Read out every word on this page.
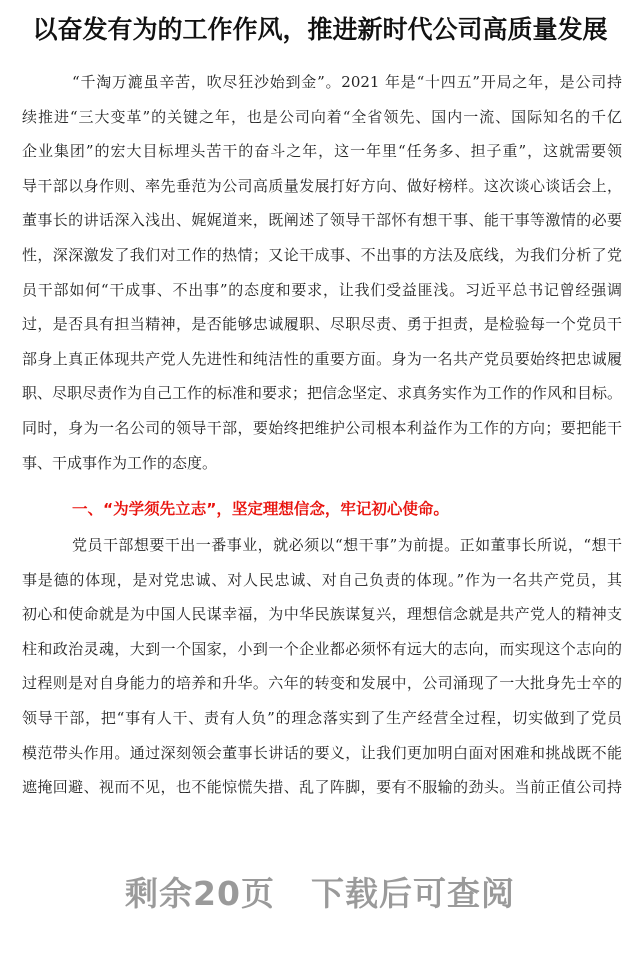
以奋发有为的工作作风，推进新时代公司高质量发展
“千淘万漉虽辛苦，吹尽狂沙始到金”。2021 年是“十四五”开局之年，是公司持
续推进“三大变革”的关键之年，也是公司向着“全省领先、国内一流、国际知名的千亿
企业集团”的宏大目标埋头苦干的奋斗之年，这一年里“任务多、担子重”，这就需要领
导干部以身作则、率先垂范为公司高质量发展打好方向、做好榜样。这次谈心谈话会上，
董事长的讲话深入浅出、娓娓道来，既阐述了领导干部怀有想干事、能干事等激情的必要
性，深深激发了我们对工作的热情；又论干成事、不出事的方法及底线，为我们分析了党
员干部如何“干成事、不出事”的态度和要求，让我们受益匪浅。习近平总书记曾经强调
过，是否具有担当精神，是否能够忠诚履职、尽职尽责、勇于担责，是检验每一个党员干
部身上真正体现共产党人先进性和纯洁性的重要方面。身为一名共产党员要始终把忠诚履
职、尽职尽责作为自己工作的标准和要求；把信念坚定、求真务实作为工作的作风和目标。
同时，身为一名公司的领导干部，要始终把维护公司根本利益作为工作的方向；要把能干
事、干成事作为工作的态度。
一、“为学须先立志”，坚定理想信念，牢记初心使命。
党员干部想要干出一番事业，就必须以“想干事”为前提。正如董事长所说，“想干
事是德的体现，是对党忠诚、对人民忠诚、对自己负责的体现。”作为一名共产党员，其
初心和使命就是为中国人民谋幸福，为中华民族谋复兴，理想信念就是共产党人的精神支
柱和政治灵魂，大到一个国家，小到一个企业都必须怀有远大的志向，而实现这个志向的
过程则是对自身能力的培养和升华。六年的转变和发展中，公司涌现了一大批身先士卒的
领导干部，把“事有人干、责有人负”的理念落实到了生产经营全过程，切实做到了党员
模范带头作用。通过深刻领会董事长讲话的要义，让我们更加明白面对困难和挑战既不能
遮掩回避、视而不见，也不能惊慌失措、乱了阵脚，要有不服输的劲头。当前正值公司持
剩余20页 下载后可查阅
